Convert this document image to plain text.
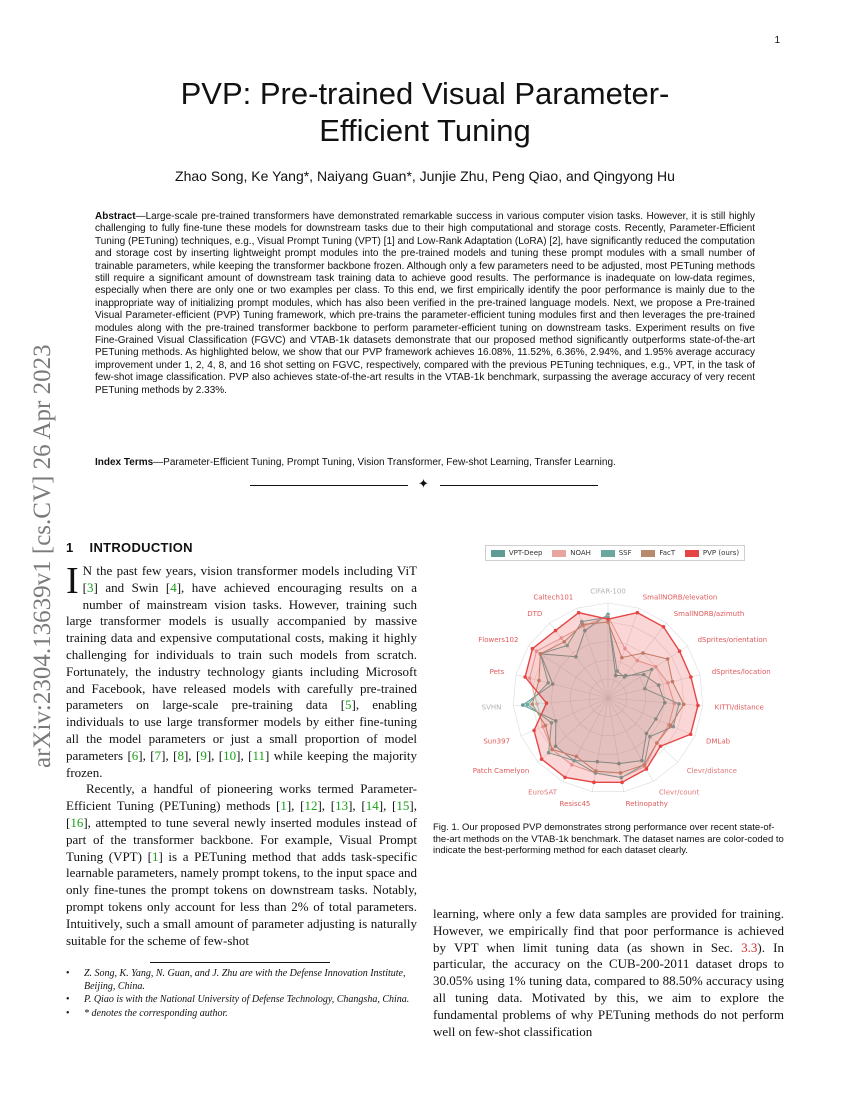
1
arXiv:2304.13639v1 [cs.CV] 26 Apr 2023
PVP: Pre-trained Visual Parameter-
Efficient Tuning
Zhao Song, Ke Yang*, Naiyang Guan*, Junjie Zhu, Peng Qiao, and Qingyong Hu
Abstract—Large-scale pre-trained transformers have demonstrated remarkable success in various computer vision tasks. However, it is still highly challenging to fully fine-tune these models for downstream tasks due to their high computational and storage costs. Recently, Parameter-Efficient Tuning (PETuning) techniques, e.g., Visual Prompt Tuning (VPT) [1] and Low-Rank Adaptation (LoRA) [2], have significantly reduced the computation and storage cost by inserting lightweight prompt modules into the pre-trained models and tuning these prompt modules with a small number of trainable parameters, while keeping the transformer backbone frozen. Although only a few parameters need to be adjusted, most PETuning methods still require a significant amount of downstream task training data to achieve good results. The performance is inadequate on low-data regimes, especially when there are only one or two examples per class. To this end, we first empirically identify the poor performance is mainly due to the inappropriate way of initializing prompt modules, which has also been verified in the pre-trained language models. Next, we propose a Pre-trained Visual Parameter-efficient (PVP) Tuning framework, which pre-trains the parameter-efficient tuning modules first and then leverages the pre-trained modules along with the pre-trained transformer backbone to perform parameter-efficient tuning on downstream tasks. Experiment results on five Fine-Grained Visual Classification (FGVC) and VTAB-1k datasets demonstrate that our proposed method significantly outperforms state-of-the-art PETuning methods. As highlighted below, we show that our PVP framework achieves 16.08%, 11.52%, 6.36%, 2.94%, and 1.95% average accuracy improvement under 1, 2, 4, 8, and 16 shot setting on FGVC, respectively, compared with the previous PETuning techniques, e.g., VPT, in the task of few-shot image classification. PVP also achieves state-of-the-art results in the VTAB-1k benchmark, surpassing the average accuracy of very recent PETuning methods by 2.33%.
Index Terms—Parameter-Efficient Tuning, Prompt Tuning, Vision Transformer, Few-shot Learning, Transfer Learning.
✦
1 INTRODUCTION

I N the past few years, vision transformer models including ViT [3] and Swin [4], have achieved encouraging results on a number of mainstream vision tasks. However, training such large transformer models is usually accompanied by massive training data and expensive computational costs, making it highly challenging for individuals to train such models from scratch. Fortunately, the industry technology giants including Microsoft and Facebook, have released models with carefully pre-trained parameters on large-scale pre-training data [5], enabling individuals to use large transformer models by either fine-tuning all the model parameters or just a small proportion of model parameters [6], [7], [8], [9], [10], [11] while keeping the majority frozen.

Recently, a handful of pioneering works termed Parameter-Efficient Tuning (PETuning) methods [1], [12], [13], [14], [15], [16], attempted to tune several newly inserted modules instead of part of the transformer backbone. For example, Visual Prompt Tuning (VPT) [1] is a PETuning method that adds task-specific learnable parameters, namely prompt tokens, to the input space and only fine-tunes the prompt tokens on downstream tasks. Notably, prompt tokens only account for less than 2% of total parameters. Intuitively, such a small amount of parameter adjusting is naturally suitable for the scheme of few-shot

• Z. Song, K. Yang, N. Guan, and J. Zhu are with the Defense Innovation Institute, Beijing, China.
• P. Qiao is with the National University of Defense Technology, Changsha, China.
• * denotes the corresponding author.
CIFAR-100
SmallNORB/elevation
SmallNORB/azimuth
dSprites/orientation
dSprites/location
KITTI/distance
DMLab
Clevr/distance
Clevr/count
Retinopathy
Resisc45
EuroSAT
Patch Camelyon
Sun397
SVHN
Pets
Flowers102
DTD
Caltech101
VPT-Deep	NOAH	SSF	FacT	PVP (ours)
Fig. 1. Our proposed PVP demonstrates strong performance over recent state-of-the-art methods on the VTAB-1k benchmark. The dataset names are color-coded to indicate the best-performing method for each dataset clearly.
learning, where only a few data samples are provided for training. However, we empirically find that poor performance is achieved by VPT when limit tuning data (as shown in Sec. 3.3). In particular, the accuracy on the CUB-200-2011 dataset drops to 30.05% using 1% tuning data, compared to 88.50% accuracy using all tuning data. Motivated by this, we aim to explore the fundamental problems of why PETuning methods do not perform well on few-shot classification
